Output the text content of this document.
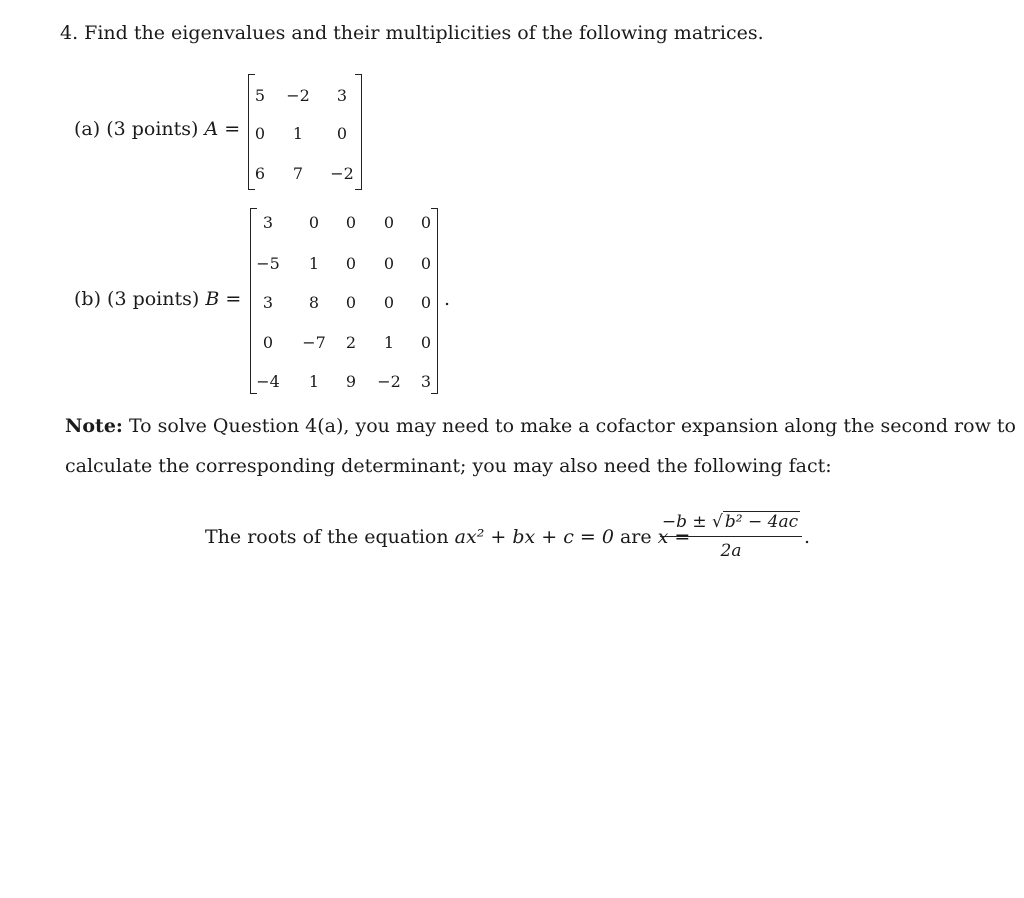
4. Find the eigenvalues and their multiplicities of the following matrices.
(a) (3 points) A =
5	−2	3
0	1	0
6	7	−2
(b) (3 points) B =
3	0	0	0	0
−5	1	0	0	0
3	8	0	0	0
0	−7	2	1	0
−4	1	9	−2	3
.
Note: To solve Question 4(a), you may need to make a cofactor expansion along the second row to
calculate the corresponding determinant; you may also need the following fact:
The roots of the equation ax² + bx + c = 0 are x =
−b ± √ b² − 4ac
2a
.
